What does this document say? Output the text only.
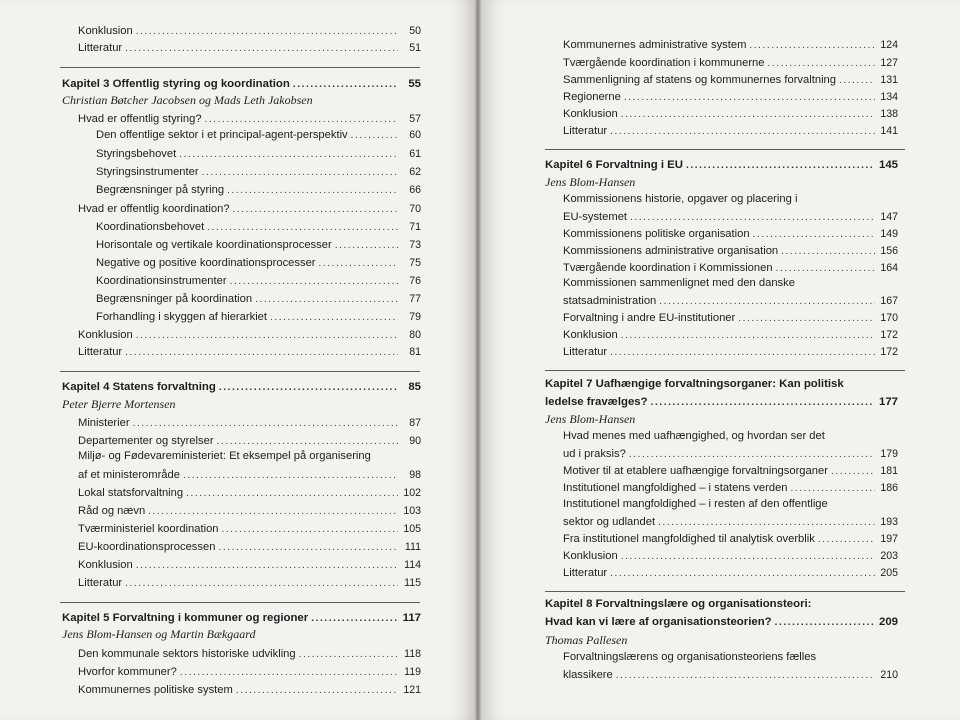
Konklusion .....	50
Litteratur .....	51
Kapitel 3 Offentlig styring og koordination .....	55
Christian Bøtcher Jacobsen og Mads Leth Jakobsen
Hvad er offentlig styring? .....	57
Den offentlige sektor i et principal-agent-perspektiv .....	60
Styringsbehovet .....	61
Styringsinstrumenter .....	62
Begrænsninger på styring .....	66
Hvad er offentlig koordination? .....	70
Koordinationsbehovet .....	71
Horisontale og vertikale koordinationsprocesser .....	73
Negative og positive koordinationsprocesser .....	75
Koordinationsinstrumenter .....	76
Begrænsninger på koordination .....	77
Forhandling i skyggen af hierarkiet .....	79
Konklusion .....	80
Litteratur .....	81
Kapitel 4 Statens forvaltning .....	85
Peter Bjerre Mortensen
Ministerier .....	87
Departementer og styrelser .....	90
Miljø- og Fødevareministeriet: Et eksempel på organisering
af et ministerområde .....	98
Lokal statsforvaltning .....	102
Råd og nævn .....	103
Tværministeriel koordination .....	105
EU-koordinationsprocessen .....	111
Konklusion .....	114
Litteratur .....	115
Kapitel 5 Forvaltning i kommuner og regioner .....	117
Jens Blom-Hansen og Martin Bækgaard
Den kommunale sektors historiske udvikling .....	118
Hvorfor kommuner? .....	119
Kommunernes politiske system .....	121
Kommunernes administrative system .....	124
Tværgående koordination i kommunerne .....	127
Sammenligning af statens og kommunernes forvaltning .....	131
Regionerne .....	134
Konklusion .....	138
Litteratur .....	141
Kapitel 6 Forvaltning i EU .....	145
Jens Blom-Hansen
Kommissionens historie, opgaver og placering i
EU-systemet .....	147
Kommissionens politiske organisation .....	149
Kommissionens administrative organisation .....	156
Tværgående koordination i Kommissionen .....	164
Kommissionen sammenlignet med den danske
statsadministration .....	167
Forvaltning i andre EU-institutioner .....	170
Konklusion .....	172
Litteratur .....	172
Kapitel 7 Uafhængige forvaltningsorganer: Kan politisk
ledelse fravælges? .....	177
Jens Blom-Hansen
Hvad menes med uafhængighed, og hvordan ser det
ud i praksis? .....	179
Motiver til at etablere uafhængige forvaltningsorganer .....	181
Institutionel mangfoldighed – i statens verden .....	186
Institutionel mangfoldighed – i resten af den offentlige
sektor og udlandet .....	193
Fra institutionel mangfoldighed til analytisk overblik .....	197
Konklusion .....	203
Litteratur .....	205
Kapitel 8 Forvaltningslære og organisationsteori:
Hvad kan vi lære af organisationsteorien? .....	209
Thomas Pallesen
Forvaltningslærens og organisationsteoriens fælles
klassikere .....	210
